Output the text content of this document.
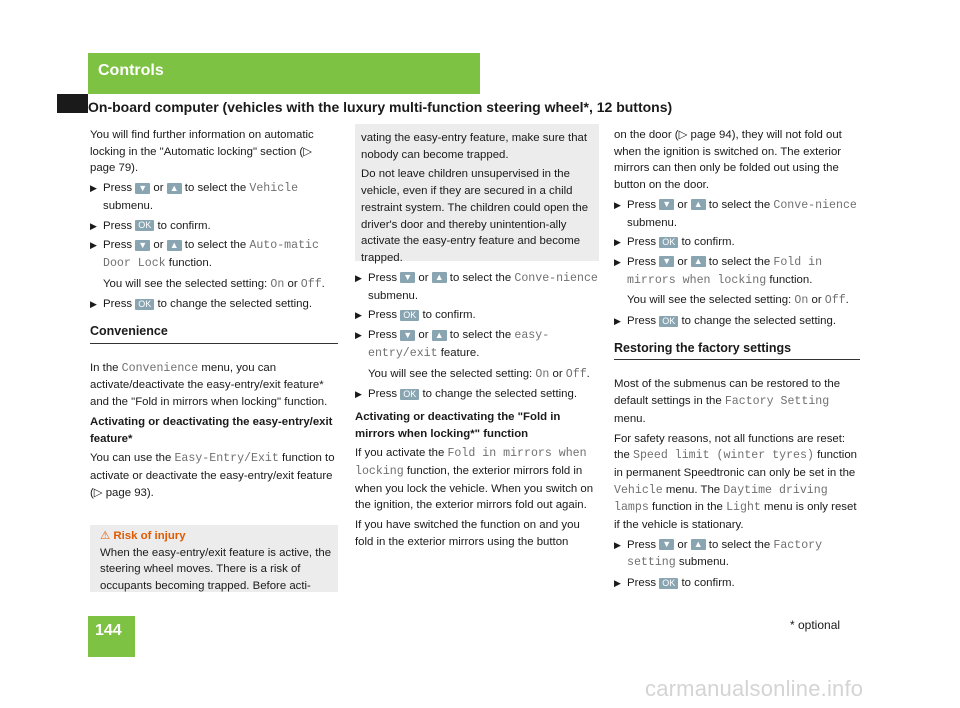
Controls
On-board computer (vehicles with the luxury multi-function steering wheel*, 12 buttons)

You will find further information on automatic locking in the "Automatic locking" section (▷ page 79).

▶ Press ▼ or ▲ to select the Vehicle submenu.
▶ Press OK to confirm.
▶ Press ▼ or ▲ to select the Auto-matic Door Lock function.
You will see the selected setting: On or Off.
▶ Press OK to change the selected setting.
Convenience

In the Convenience menu, you can activate/deactivate the easy-entry/exit feature* and the "Fold in mirrors when locking" function.

Activating or deactivating the easy-entry/exit feature*

You can use the Easy-Entry/Exit function to activate or deactivate the easy-entry/exit feature (▷ page 93).

⚠ Risk of injury
When the easy-entry/exit feature is active, the steering wheel moves. There is a risk of occupants becoming trapped. Before acti-

vating the easy-entry feature, make sure that nobody can become trapped.

Do not leave children unsupervised in the vehicle, even if they are secured in a child restraint system. The children could open the driver's door and thereby unintention-ally activate the easy-entry feature and become trapped.

▶ Press ▼ or ▲ to select the Conve-nience submenu.
▶ Press OK to confirm.
▶ Press ▼ or ▲ to select the easy-entry/exit feature.
You will see the selected setting: On or Off.
▶ Press OK to change the selected setting.

Activating or deactivating the "Fold in mirrors when locking*" function

If you activate the Fold in mirrors when locking function, the exterior mirrors fold in when you lock the vehicle. When you switch on the ignition, the exterior mirrors fold out again.

If you have switched the function on and you fold in the exterior mirrors using the button

on the door (▷ page 94), they will not fold out when the ignition is switched on. The exterior mirrors can then only be folded out using the button on the door.

▶ Press ▼ or ▲ to select the Conve-nience submenu.
▶ Press OK to confirm.
▶ Press ▼ or ▲ to select the Fold in mirrors when locking function.
You will see the selected setting: On or Off.
▶ Press OK to change the selected setting.
Restoring the factory settings

Most of the submenus can be restored to the default settings in the Factory Setting menu.

For safety reasons, not all functions are reset: the Speed limit (winter tyres) function in permanent Speedtronic can only be set in the Vehicle menu. The Daytime driving lamps function in the Light menu is only reset if the vehicle is stationary.

▶ Press ▼ or ▲ to select the Factory setting submenu.
▶ Press OK to confirm.
144	* optional
carmanualsonline.info
